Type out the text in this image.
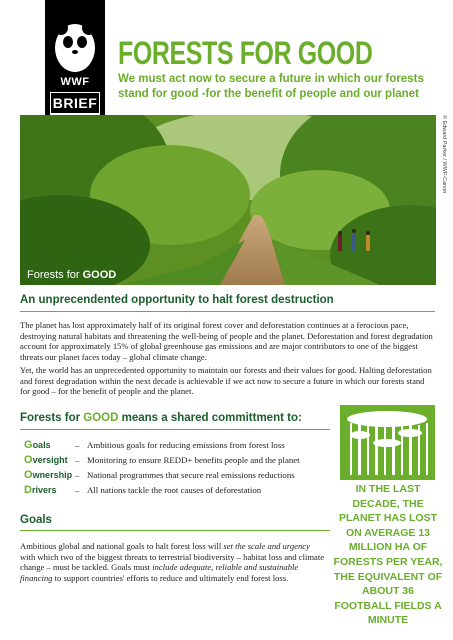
WWF
BRIEF
FORESTS FOR GOOD
We must act now to secure a future in which our forests stand for good -for the benefit of people and our planet
Forests for GOOD
© Edward Parker / WWF-Canon
An unprecendented opportunity to halt forest destruction
The planet has lost approximately half of its original forest cover and deforestation continues at a ferocious pace, destroying natural habitats and threatening the well-being of people and the planet. Deforestation and forest degradation account for approximately 15% of global greenhouse gas emissions and are major contributors to one of the biggest threats our planet faces today – global climate change.
Yet, the world has an unprecedented opportunity to maintain our forests and their values for good. Halting deforestation and forest degradation within the next decade is achievable if we act now to secure a future in which our forests stand for good – for the benefit of people and the planet.
Forests for GOOD means a shared committment to:
Goals	– Ambitious goals for reducing emissions from forest loss
Oversight – Monitoring to ensure REDD+ benefits people and the planet
Ownership – National programmes that secure real emissions reductions
Drivers	– All nations tackle the root causes of deforestation
Goals
Ambitious global and national goals to halt forest loss will set the scale and urgency with which two of the biggest threats to terrestrial biodiversity – habitat loss and climate change – must be tackled. Goals must include adequate, reliable and sustainable financing to support countries' efforts to reduce and ultimately end forest loss.
IN THE LAST DECADE, THE PLANET HAS LOST ON AVERAGE 13 MILLION HA OF FORESTS PER YEAR, THE EQUIVALENT OF ABOUT 36 FOOTBALL FIELDS A MINUTE
